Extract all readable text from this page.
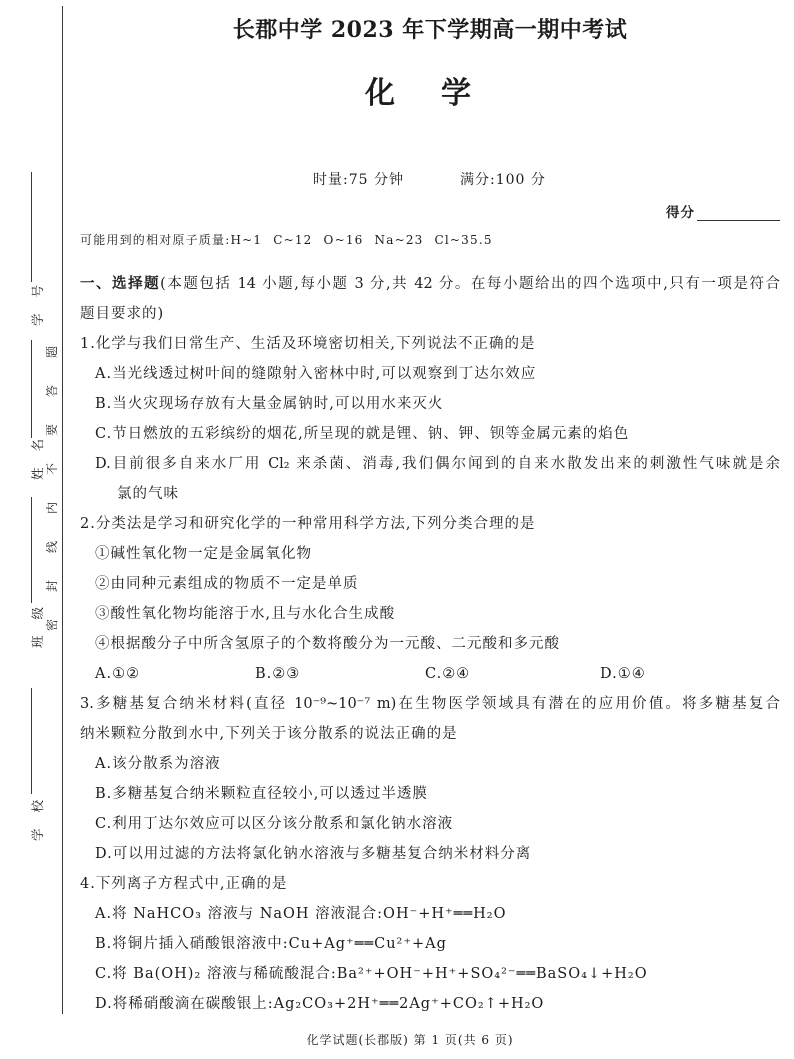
学号
姓名
班级
学校
密封线内不要答题
长郡中学 2023 年下学期高一期中考试
化学
时量:75 分钟	满分:100 分
得分
可能用到的相对原子质量:H~1 C~12 O~16 Na~23 Cl~35.5
一、选择题(本题包括 14 小题,每小题 3 分,共 42 分。在每小题给出的四个选项中,只有一项是符合
题目要求的)
1.化学与我们日常生产、生活及环境密切相关,下列说法不正确的是
A.当光线透过树叶间的缝隙射入密林中时,可以观察到丁达尔效应
B.当火灾现场存放有大量金属钠时,可以用水来灭火
C.节日燃放的五彩缤纷的烟花,所呈现的就是锂、钠、钾、钡等金属元素的焰色
D.目前很多自来水厂用 Cl₂ 来杀菌、消毒,我们偶尔闻到的自来水散发出来的刺激性气味就是余
氯的气味
2.分类法是学习和研究化学的一种常用科学方法,下列分类合理的是
①碱性氧化物一定是金属氧化物
②由同种元素组成的物质不一定是单质
③酸性氧化物均能溶于水,且与水化合生成酸
④根据酸分子中所含氢原子的个数将酸分为一元酸、二元酸和多元酸
A.①②	B.②③	C.②④	D.①④
3.多糖基复合纳米材料(直径 10⁻⁹~10⁻⁷ m)在生物医学领域具有潜在的应用价值。将多糖基复合
纳米颗粒分散到水中,下列关于该分散系的说法正确的是
A.该分散系为溶液
B.多糖基复合纳米颗粒直径较小,可以透过半透膜
C.利用丁达尔效应可以区分该分散系和氯化钠水溶液
D.可以用过滤的方法将氯化钠水溶液与多糖基复合纳米材料分离
4.下列离子方程式中,正确的是
A.将 NaHCO₃ 溶液与 NaOH 溶液混合:OH⁻+H⁺══H₂O
B.将铜片插入硝酸银溶液中:Cu+Ag⁺══Cu²⁺+Ag
C.将 Ba(OH)₂ 溶液与稀硫酸混合:Ba²⁺+OH⁻+H⁺+SO₄²⁻══BaSO₄↓+H₂O
D.将稀硝酸滴在碳酸银上:Ag₂CO₃+2H⁺══2Ag⁺+CO₂↑+H₂O
化学试题(长郡版) 第 1 页(共 6 页)
